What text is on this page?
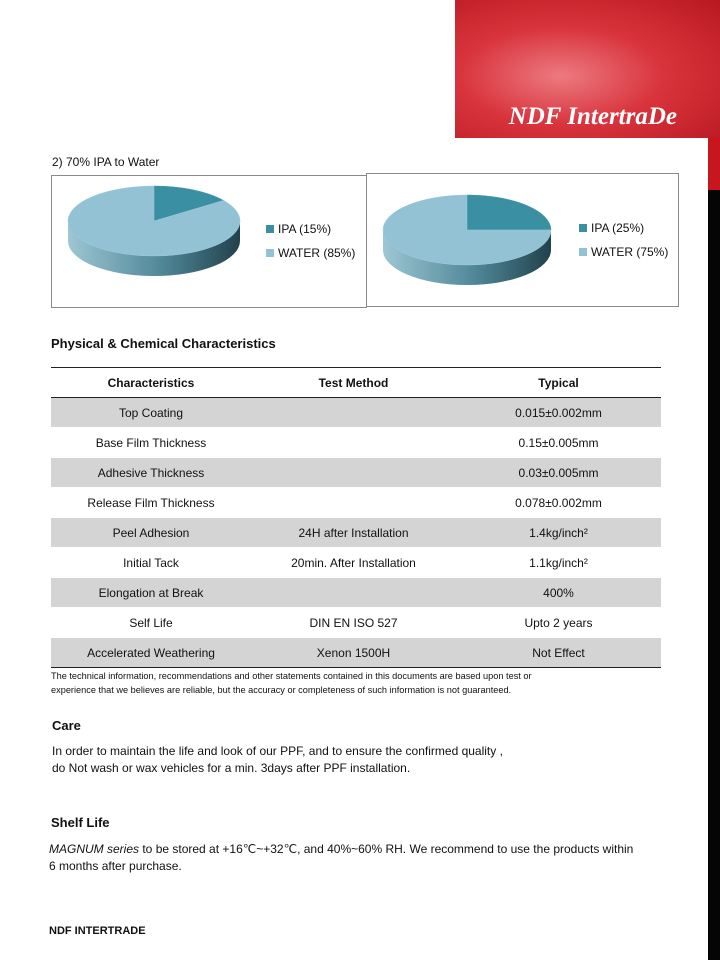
NDF IntertraDe
2) 70% IPA to Water
IPA (15%)
WATER (85%)
IPA (25%)
WATER (75%)
Physical & Chemical Characteristics
Characteristics	Test Method	Typical
Top Coating		0.015±0.002mm
Base Film Thickness		0.15±0.005mm
Adhesive Thickness		0.03±0.005mm
Release Film Thickness		0.078±0.002mm
Peel Adhesion	24H after Installation	1.4kg/inch²
Initial Tack	20min. After Installation	1.1kg/inch²
Elongation at Break		400%
Self Life	DIN EN ISO 527	Upto 2 years
Accelerated Weathering	Xenon 1500H	Not Effect
The technical information, recommendations and other statements contained in this documents are based upon test or
experience that we believes are reliable, but the accuracy or completeness of such information is not guaranteed.
Care
In order to maintain the life and look of our PPF, and to ensure the confirmed quality ,
do Not wash or wax vehicles for a min. 3days after PPF installation.
Shelf Life
MAGNUM series to be stored at +16℃~+32℃, and 40%~60% RH. We recommend to use the products within
6 months after purchase.
NDF INTERTRADE
